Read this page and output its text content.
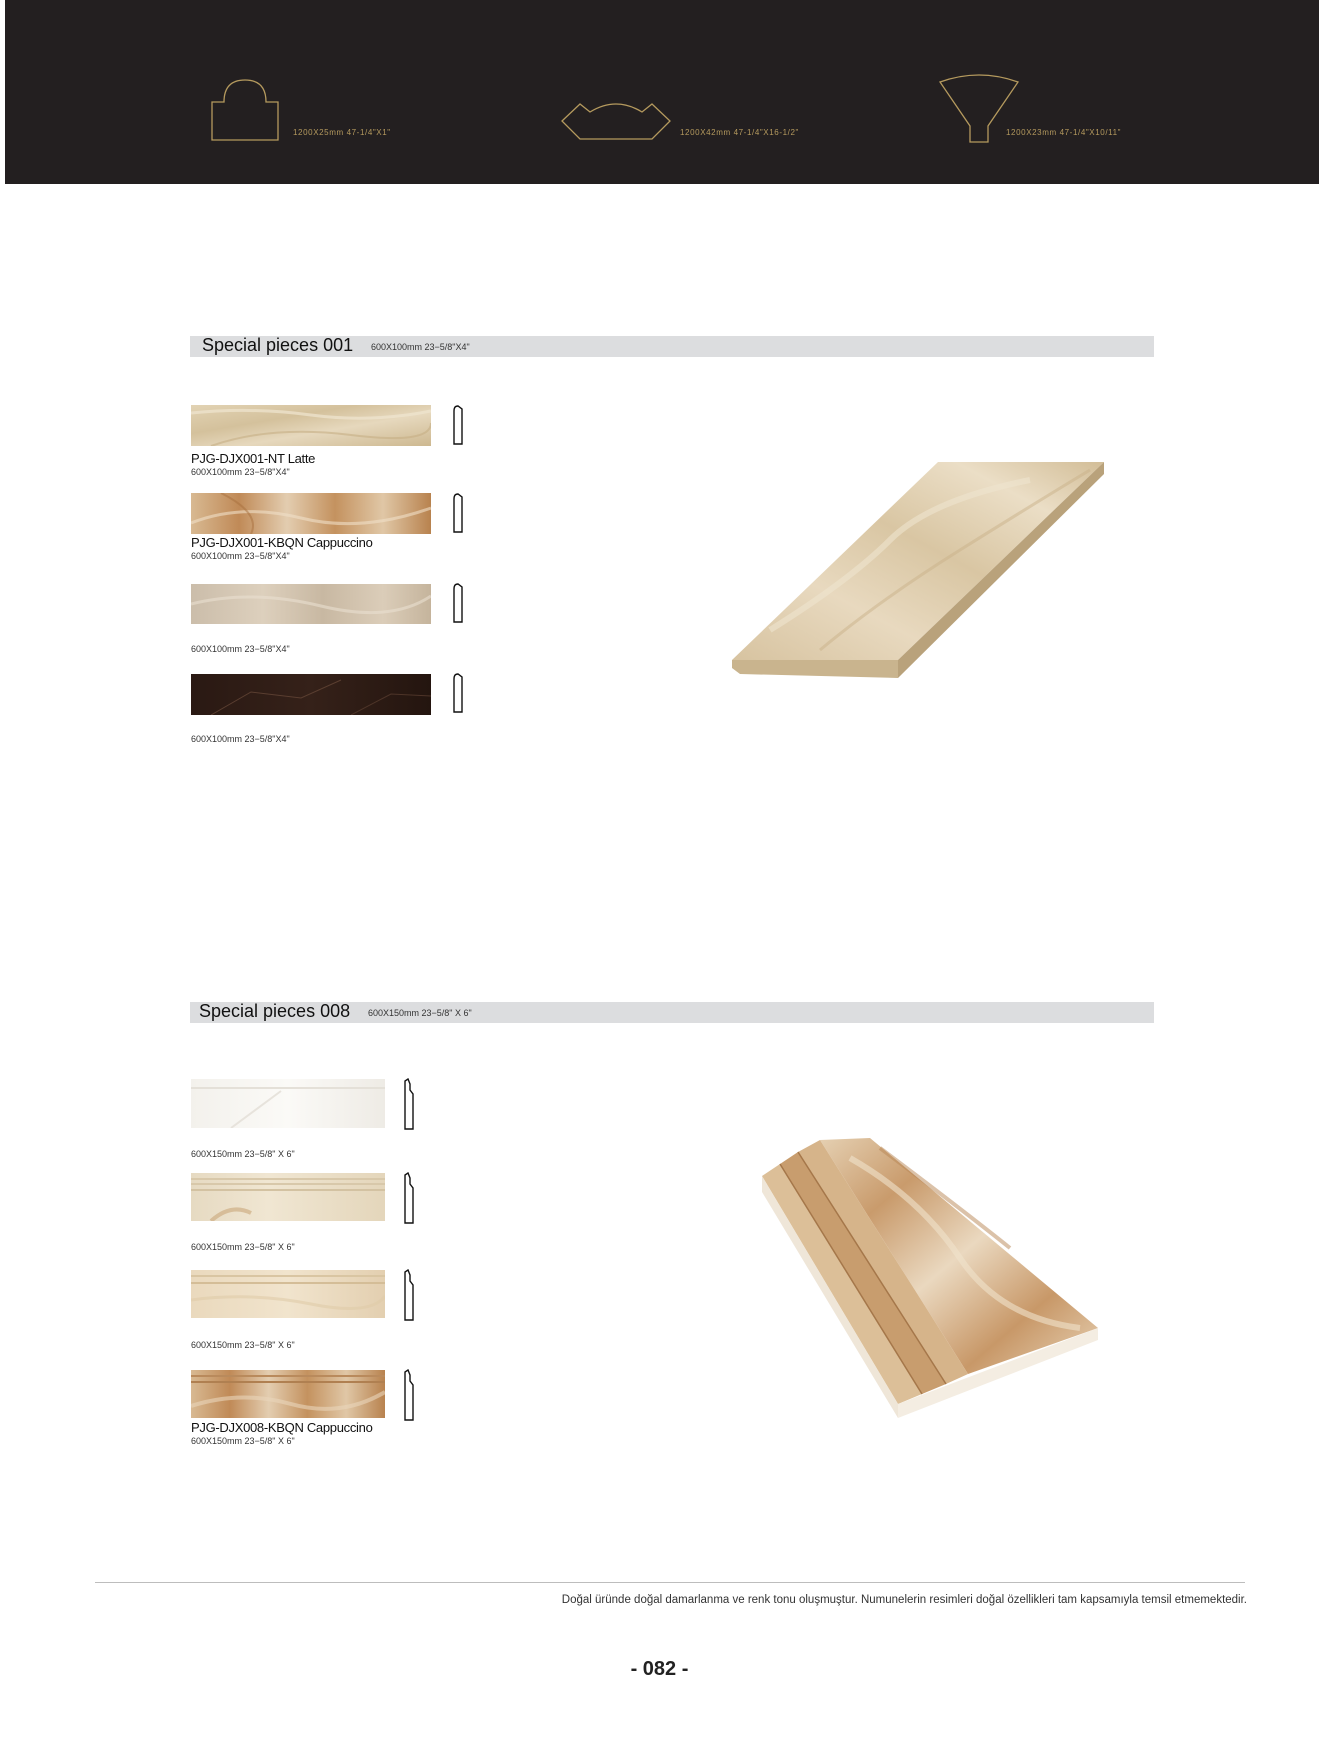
1200X25mm 47-1/4"X1"	1200X42mm 47-1/4"X16-1/2"	1200X23mm 47-1/4"X10/11"
Special pieces 001 600X100mm 23−5/8"X4"
PJG-DJX001-NT Latte
600X100mm 23−5/8"X4"
PJG-DJX001-KBQN Cappuccino
600X100mm 23−5/8"X4"
600X100mm 23−5/8"X4"
600X100mm 23−5/8"X4"
Special pieces 008 600X150mm 23−5/8" X 6"
600X150mm 23−5/8" X 6"
600X150mm 23−5/8" X 6"
600X150mm 23−5/8" X 6"
PJG-DJX008-KBQN Cappuccino
600X150mm 23−5/8" X 6"
Doğal üründe doğal damarlanma ve renk tonu oluşmuştur. Numunelerin resimleri doğal özellikleri tam kapsamıyla temsil etmemektedir.
- 082 -
